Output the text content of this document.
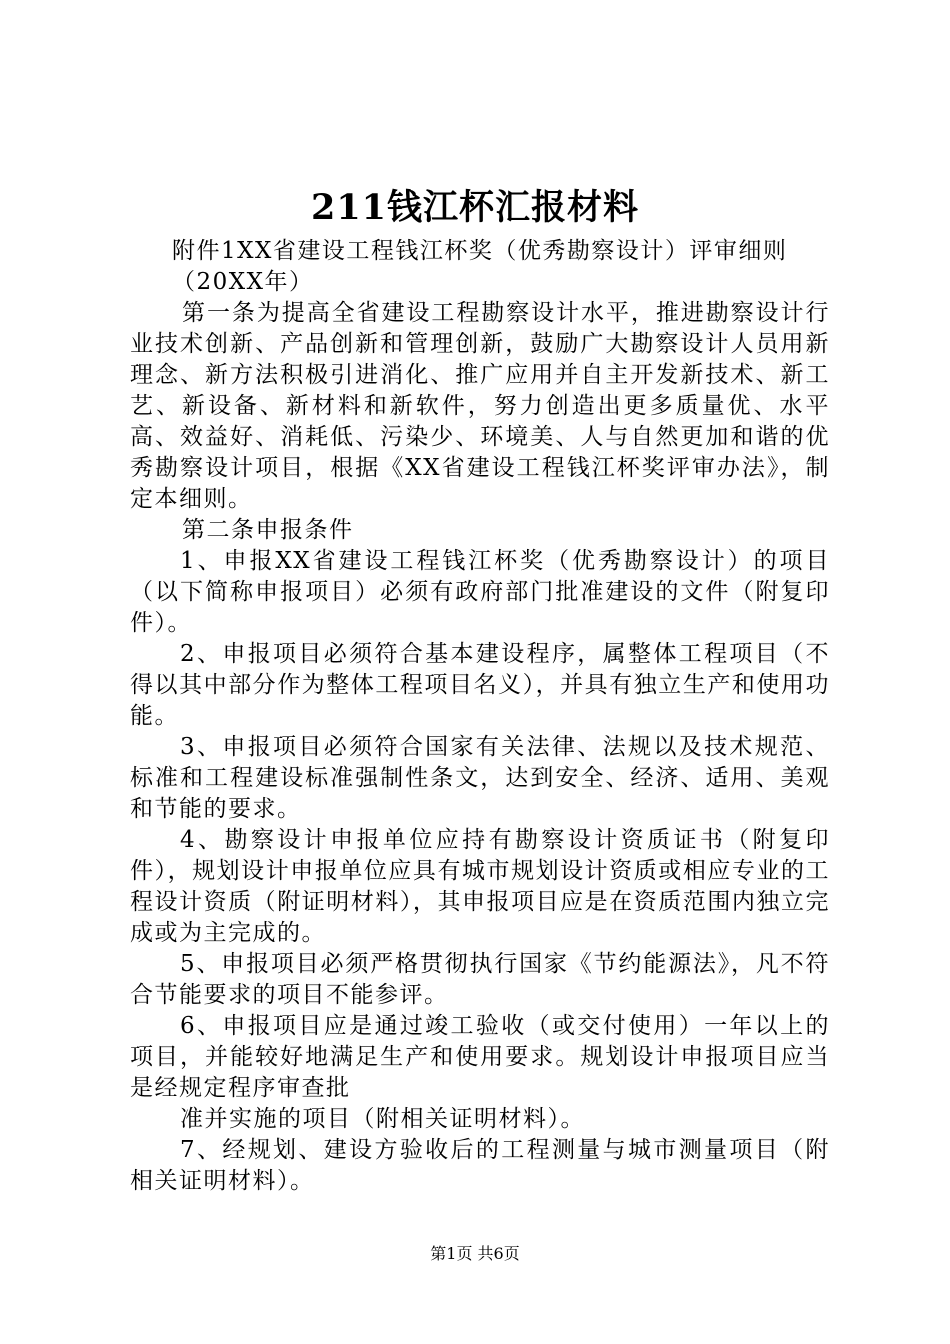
211钱江杯汇报材料

附件1XX省建设工程钱江杯奖（优秀勘察设计）评审细则

（20XX年）

第一条为提高全省建设工程勘察设计水平，推进勘察设计行业技术创新、产品创新和管理创新，鼓励广大勘察设计人员用新理念、新方法积极引进消化、推广应用并自主开发新技术、新工艺、新设备、新材料和新软件，努力创造出更多质量优、水平高、效益好、消耗低、污染少、环境美、人与自然更加和谐的优秀勘察设计项目，根据《XX省建设工程钱江杯奖评审办法》，制定本细则。

第二条申报条件

1、申报XX省建设工程钱江杯奖（优秀勘察设计）的项目（以下简称申报项目）必须有政府部门批准建设的文件（附复印件）。

2、申报项目必须符合基本建设程序，属整体工程项目（不得以其中部分作为整体工程项目名义），并具有独立生产和使用功能。

3、申报项目必须符合国家有关法律、法规以及技术规范、标准和工程建设标准强制性条文，达到安全、经济、适用、美观和节能的要求。

4、勘察设计申报单位应持有勘察设计资质证书（附复印件），规划设计申报单位应具有城市规划设计资质或相应专业的工程设计资质（附证明材料），其申报项目应是在资质范围内独立完成或为主完成的。

5、申报项目必须严格贯彻执行国家《节约能源法》，凡不符合节能要求的项目不能参评。

6、申报项目应是通过竣工验收（或交付使用）一年以上的项目，并能较好地满足生产和使用要求。规划设计申报项目应当是经规定程序审查批

准并实施的项目（附相关证明材料）。

7、经规划、建设方验收后的工程测量与城市测量项目（附相关证明材料）。

第1页 共6页
